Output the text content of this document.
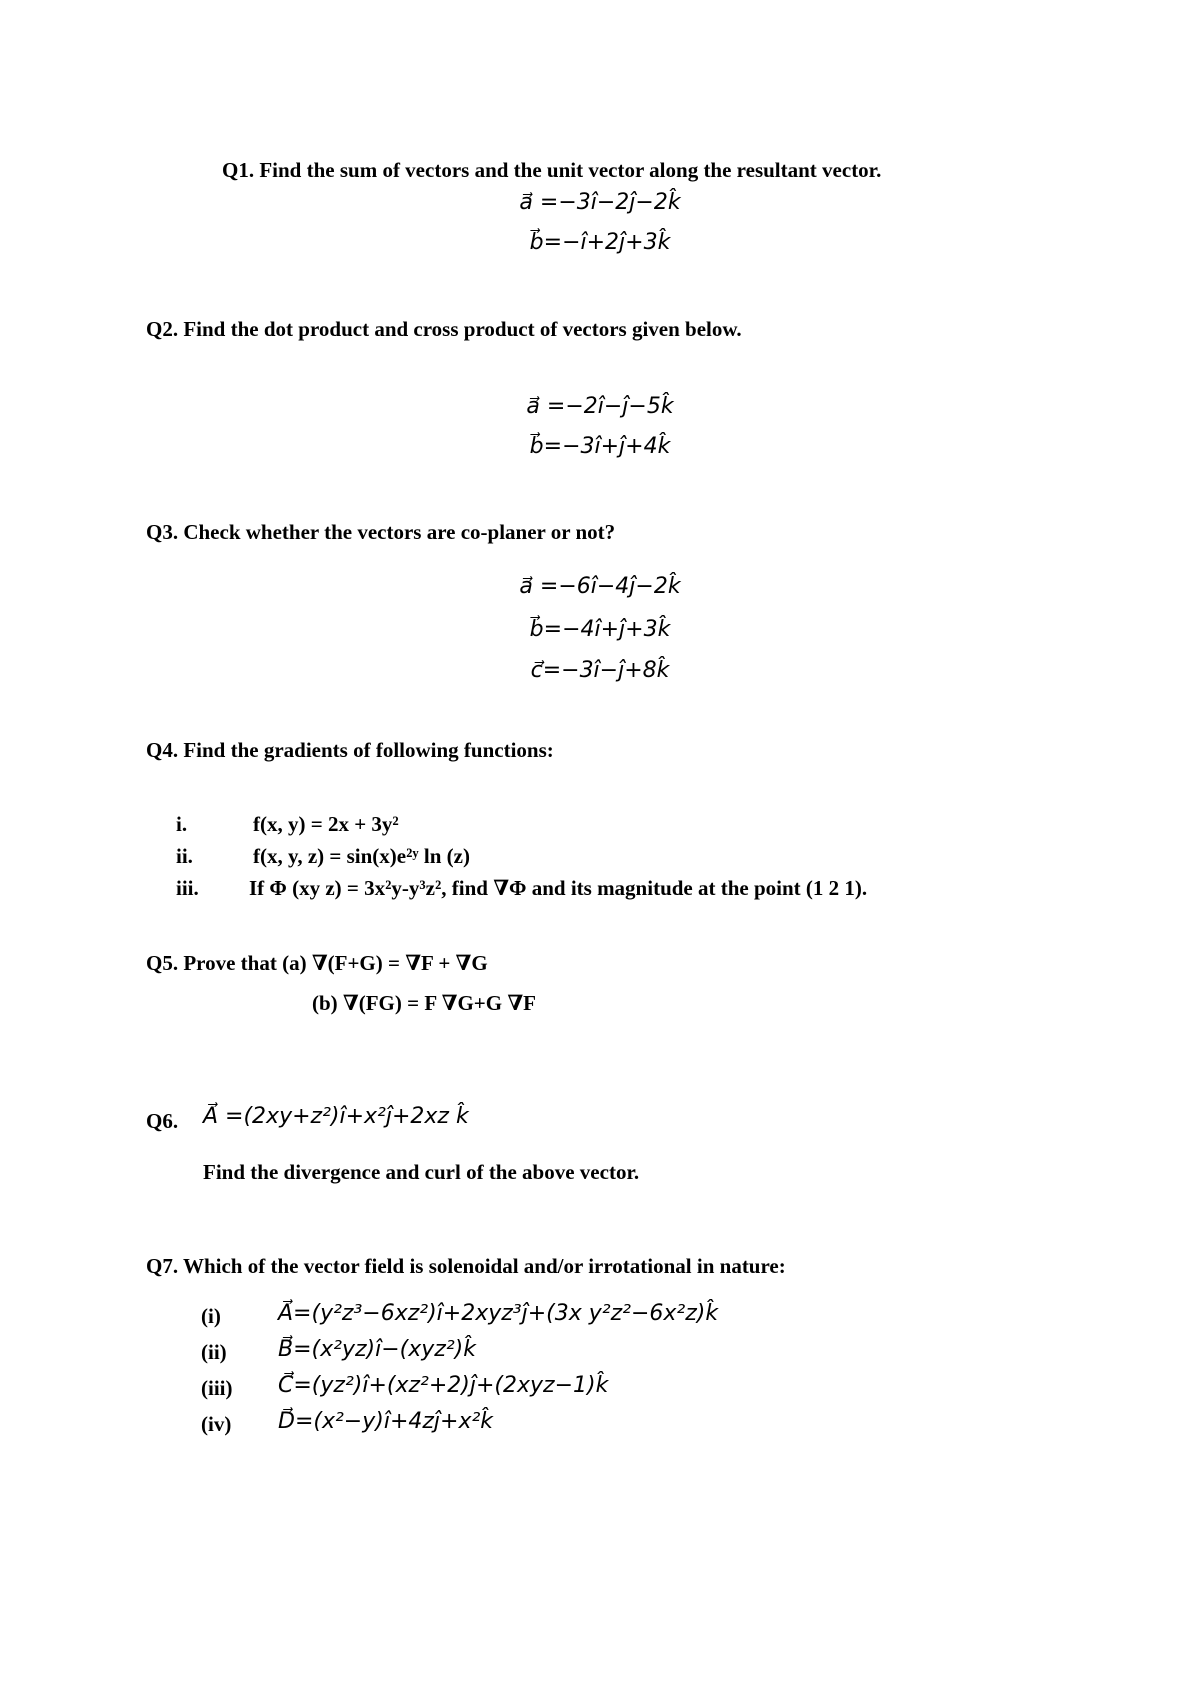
Q1. Find the sum of vectors and the unit vector along the resultant vector.
a⃗ =−3î−2ĵ−2k̂
b⃗=−î+2ĵ+3k̂
Q2. Find the dot product and cross product of vectors given below.
a⃗ =−2î−ĵ−5k̂
b⃗=−3î+ĵ+4k̂
Q3. Check whether the vectors are co-planer or not?
a⃗ =−6î−4ĵ−2k̂
b⃗=−4î+ĵ+3k̂
c⃗=−3î−ĵ+8k̂
Q4. Find the gradients of following functions:
i.	f(x, y) = 2x + 3y²
ii.	f(x, y, z) = sin(x)e²ʸ ln (z)
iii. If Φ (xy z) = 3x²y-y³z², find ∇Φ and its magnitude at the point (1 2 1).
Q5. Prove that (a) ∇(F+G) = ∇F + ∇G
(b) ∇(FG) = F ∇G+G ∇F
Q6. A⃗ =(2xy+z²)î+x²ĵ+2xz k̂
Find the divergence and curl of the above vector.
Q7. Which of the vector field is solenoidal and/or irrotational in nature:
(i)	A⃗=(y²z³−6xz²)î+2xyz³ĵ+(3x y²z²−6x²z)k̂
(ii) B⃗=(x²yz)î−(xyz²)k̂
(iii) C⃗=(yz²)î+(xz²+2)ĵ+(2xyz−1)k̂
(iv) D⃗=(x²−y)î+4zĵ+x²k̂
